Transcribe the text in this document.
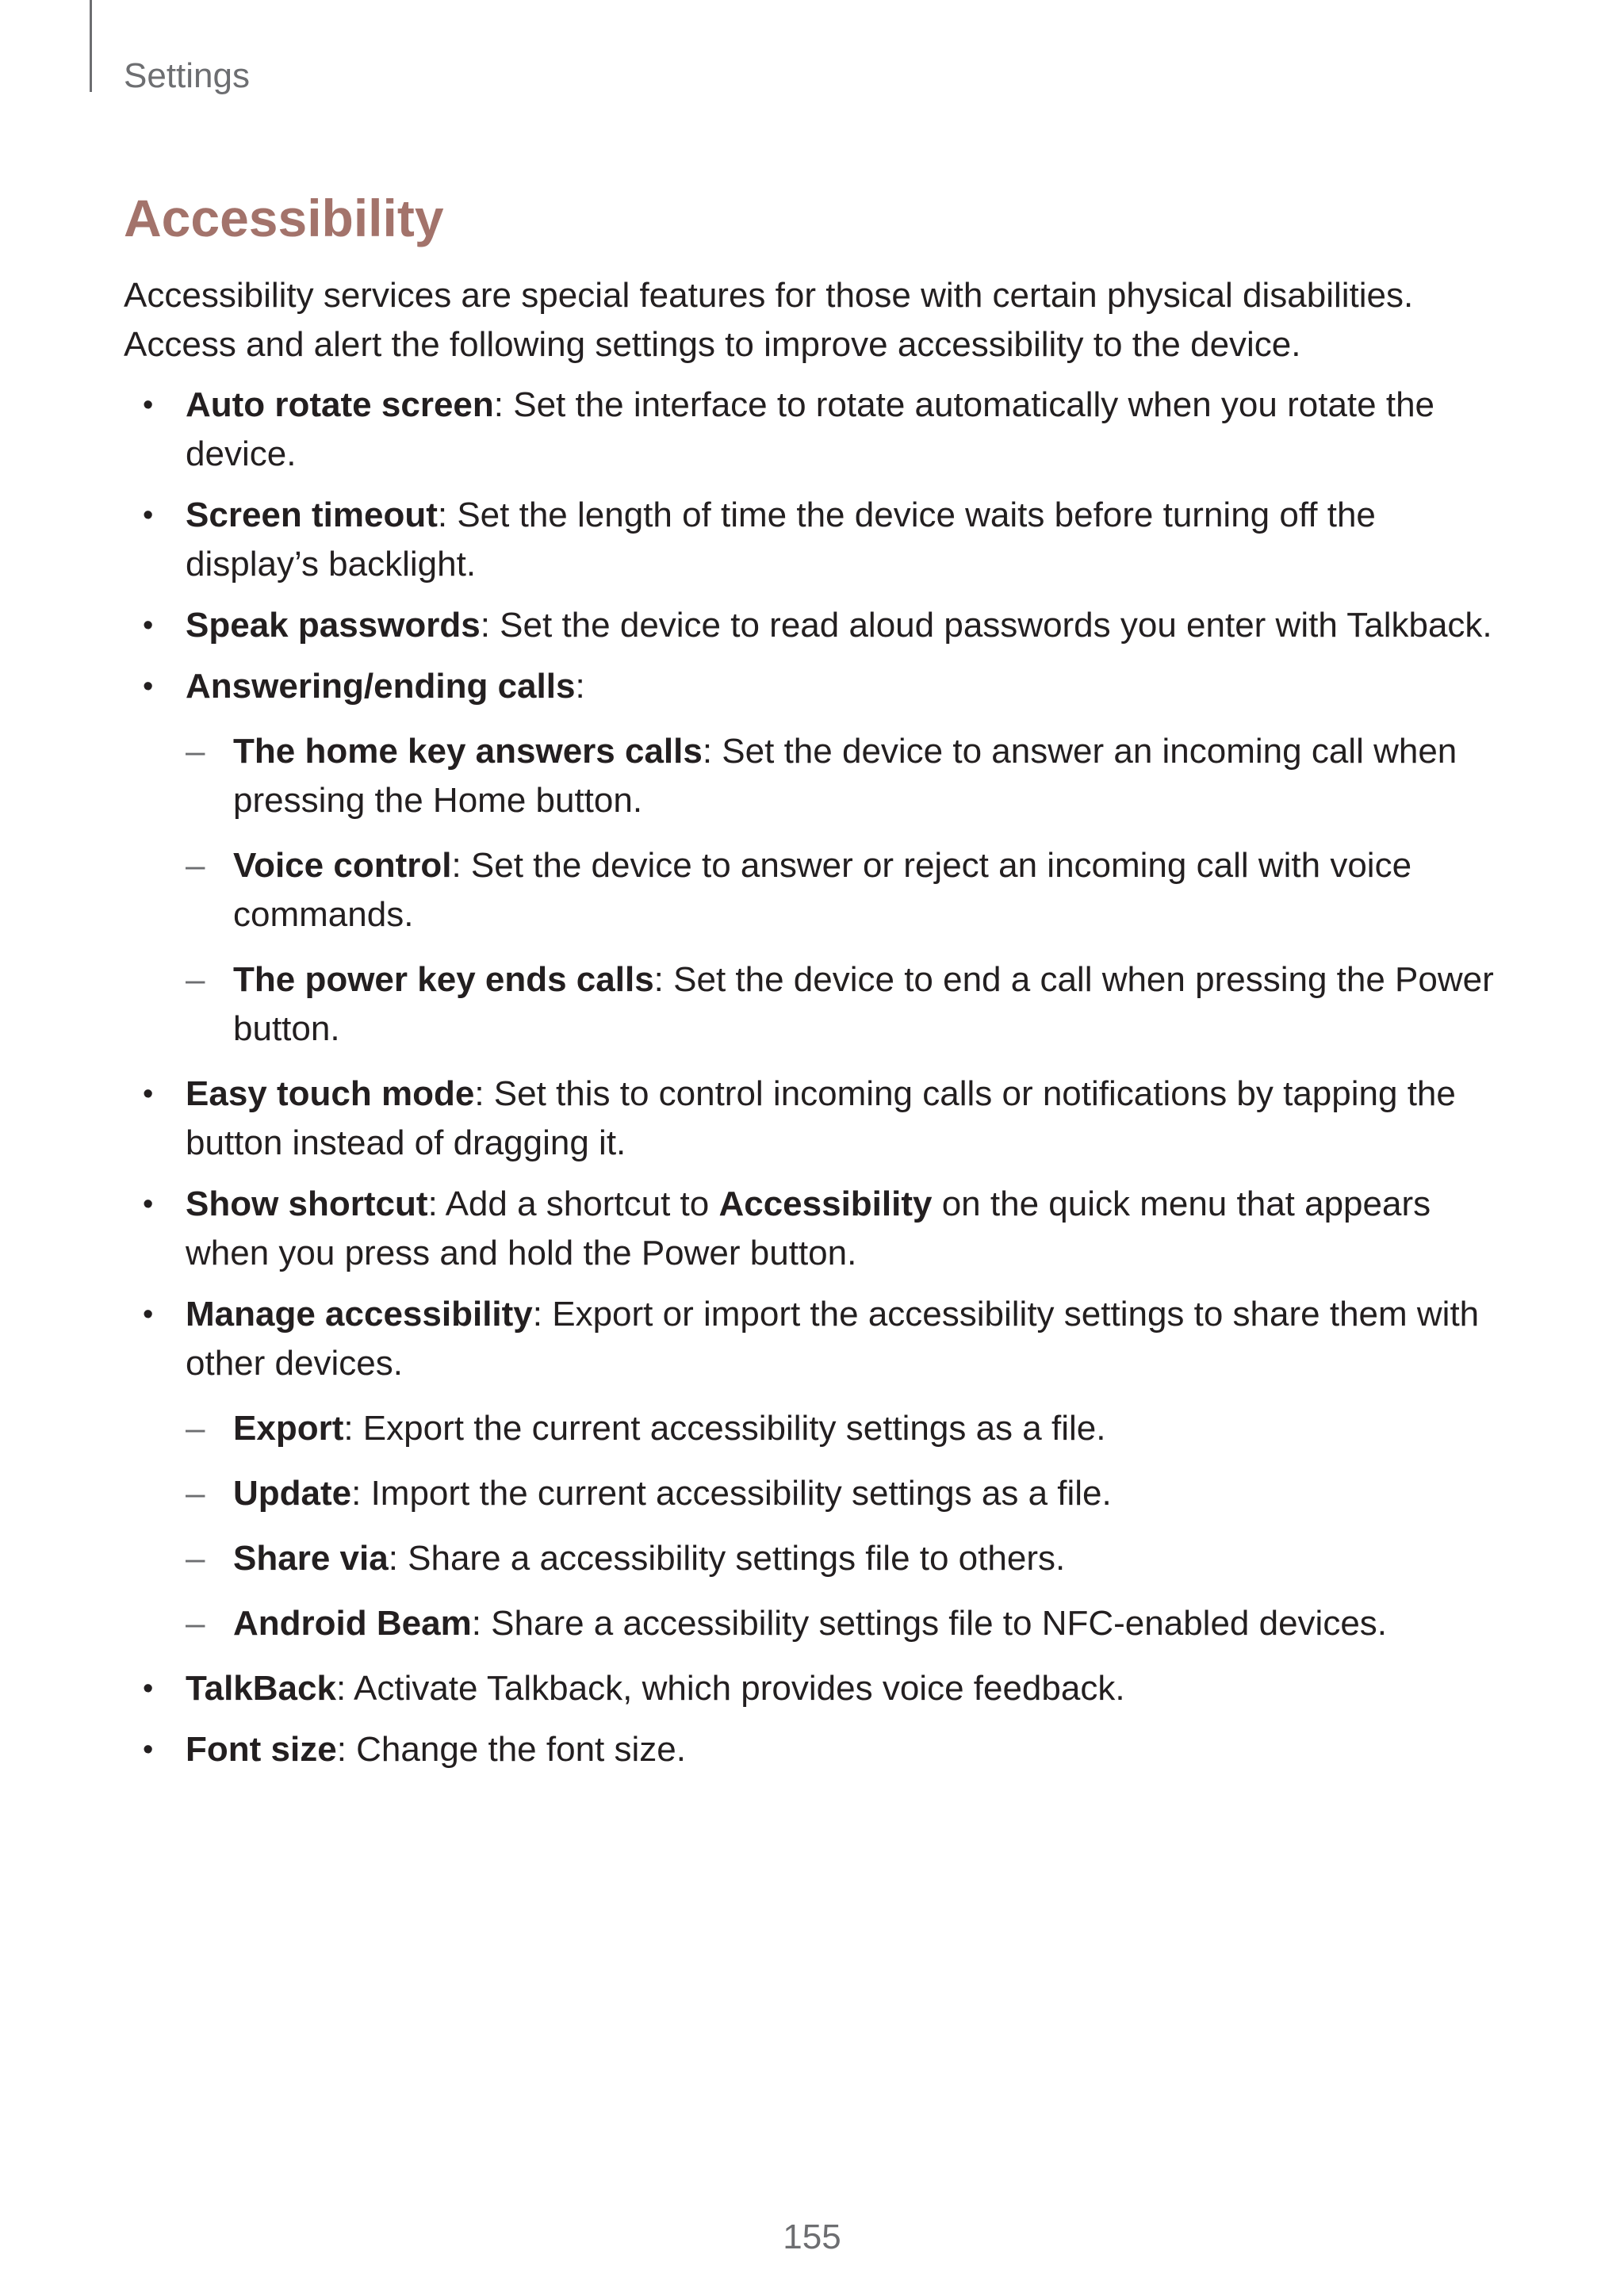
Settings
Accessibility

Accessibility services are special features for those with certain physical disabilities. Access and alert the following settings to improve accessibility to the device.

• Auto rotate screen: Set the interface to rotate automatically when you rotate the device.
• Screen timeout: Set the length of time the device waits before turning off the display’s backlight.
• Speak passwords: Set the device to read aloud passwords you enter with Talkback.
• Answering/ending calls:
– The home key answers calls: Set the device to answer an incoming call when pressing the Home button.
– Voice control: Set the device to answer or reject an incoming call with voice commands.
– The power key ends calls: Set the device to end a call when pressing the Power button.
• Easy touch mode: Set this to control incoming calls or notifications by tapping the button instead of dragging it.
• Show shortcut: Add a shortcut to Accessibility on the quick menu that appears when you press and hold the Power button.
• Manage accessibility: Export or import the accessibility settings to share them with other devices.
– Export: Export the current accessibility settings as a file.
– Update: Import the current accessibility settings as a file.
– Share via: Share a accessibility settings file to others.
– Android Beam: Share a accessibility settings file to NFC-enabled devices.
• TalkBack: Activate Talkback, which provides voice feedback.
• Font size: Change the font size.
155
